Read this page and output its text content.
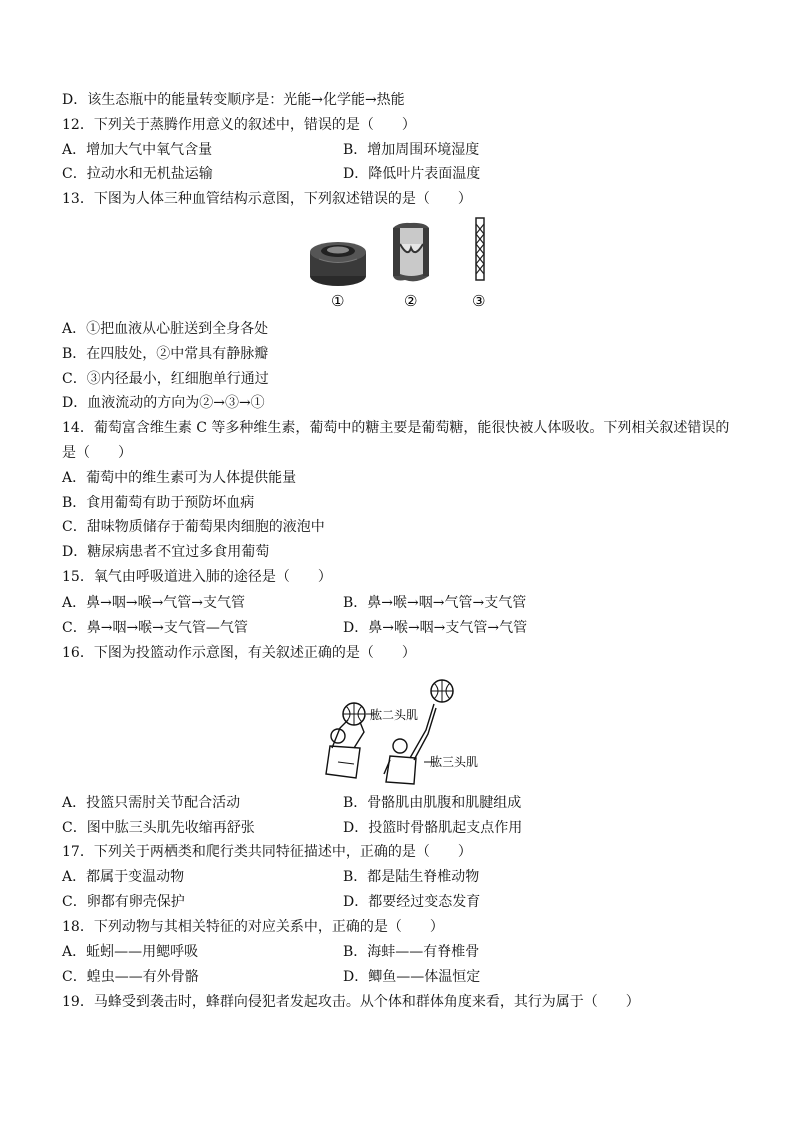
D．该生态瓶中的能量转变顺序是：光能→化学能→热能
12．下列关于蒸腾作用意义的叙述中，错误的是（　　）
A．增加大气中氧气含量	B．增加周围环境湿度
C．拉动水和无机盐运输	D．降低叶片表面温度
13．下图为人体三种血管结构示意图，下列叙述错误的是（　　）
①	②	③
A．①把血液从心脏送到全身各处
B．在四肢处，②中常具有静脉瓣
C．③内径最小，红细胞单行通过
D．血液流动的方向为②→③→①
14．葡萄富含维生素 C 等多种维生素，葡萄中的糖主要是葡萄糖，能很快被人体吸收。下列相关叙述错误的
是（　　）
A．葡萄中的维生素可为人体提供能量
B．食用葡萄有助于预防坏血病
C．甜味物质储存于葡萄果肉细胞的液泡中
D．糖尿病患者不宜过多食用葡萄
15．氧气由呼吸道进入肺的途径是（　　）
A．鼻→咽→喉→气管→支气管	B．鼻→喉→咽→气管→支气管
C．鼻→咽→喉→支气管—气管	D．鼻→喉→咽→支气管→气管
16．下图为投篮动作示意图，有关叙述正确的是（　　）
肱二头肌
肱三头肌
A．投篮只需肘关节配合活动	B．骨骼肌由肌腹和肌腱组成
C．图中肱三头肌先收缩再舒张	D．投篮时骨骼肌起支点作用
17．下列关于两栖类和爬行类共同特征描述中，正确的是（　　）
A．都属于变温动物	B．都是陆生脊椎动物
C．卵都有卵壳保护	D．都要经过变态发育
18．下列动物与其相关特征的对应关系中，正确的是（　　）
A．蚯蚓——用鳃呼吸	B．海蚌——有脊椎骨
C．蝗虫——有外骨骼	D．鲫鱼——体温恒定
19．马蜂受到袭击时，蜂群向侵犯者发起攻击。从个体和群体角度来看，其行为属于（　　）
